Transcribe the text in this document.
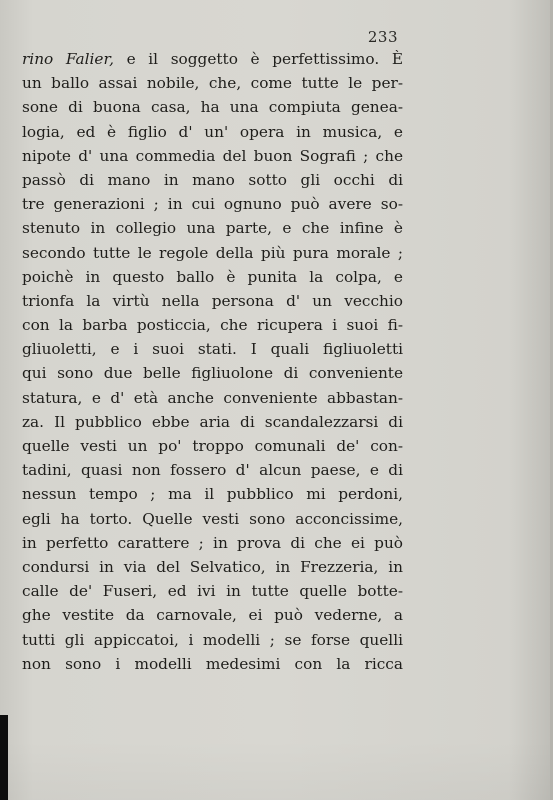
233
rino Falier, e il soggetto è perfettissimo. È
un ballo assai nobile, che, come tutte le per-
sone di buona casa, ha una compiuta genea-
logia, ed è figlio d' un' opera in musica, e
nipote d' una commedia del buon Sografi ; che
passò di mano in mano sotto gli occhi di
tre generazioni ; in cui ognuno può avere so-
stenuto in collegio una parte, e che infine è
secondo tutte le regole della più pura morale ;
poichè in questo ballo è punita la colpa, e
trionfa la virtù nella persona d' un vecchio
con la barba posticcia, che ricupera i suoi fi-
gliuoletti, e i suoi stati. I quali figliuoletti
qui sono due belle figliuolone di conveniente
statura, e d' età anche conveniente abbastan-
za. Il pubblico ebbe aria di scandalezzarsi di
quelle vesti un po' troppo comunali de' con-
tadini, quasi non fossero d' alcun paese, e di
nessun tempo ; ma il pubblico mi perdoni,
egli ha torto. Quelle vesti sono acconcissime,
in perfetto carattere ; in prova di che ei può
condursi in via del Selvatico, in Frezzeria, in
calle de' Fuseri, ed ivi in tutte quelle botte-
ghe vestite da carnovale, ei può vederne, a
tutti gli appiccatoi, i modelli ; se forse quelli
non sono i modelli medesimi con la ricca
